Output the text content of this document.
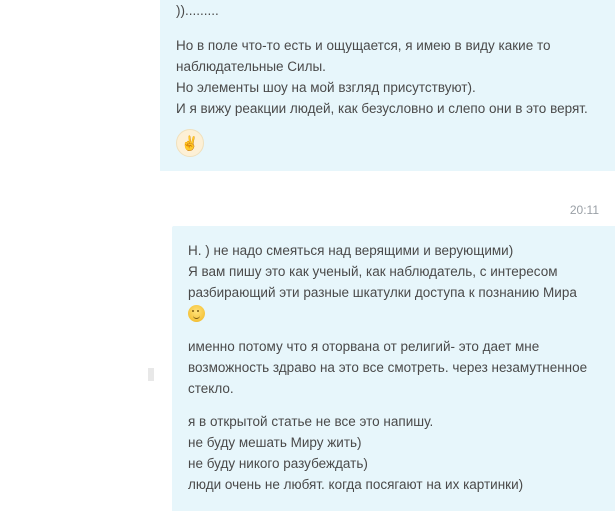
)).........

Но в поле что-то есть и ощущается, я имею в виду какие то наблюдательные Силы.

Но элементы шоу на мой взгляд присутствуют).

И я вижу реакции людей, как безусловно и слепо они в это верят.

✌
20:11

Н. ) не надо смеяться над верящими и верующими)

Я вам пишу это как ученый, как наблюдатель, с интересом разбирающий эти разные шкатулки доступа к познанию Мира

именно потому что я оторвана от религий- это дает мне возможность здраво на это все смотреть. через незамутненное стекло.

я в открытой статье не все это напишу.

не буду мешать Миру жить)

не буду никого разубеждать)

люди очень не любят. когда посягают на их картинки)
